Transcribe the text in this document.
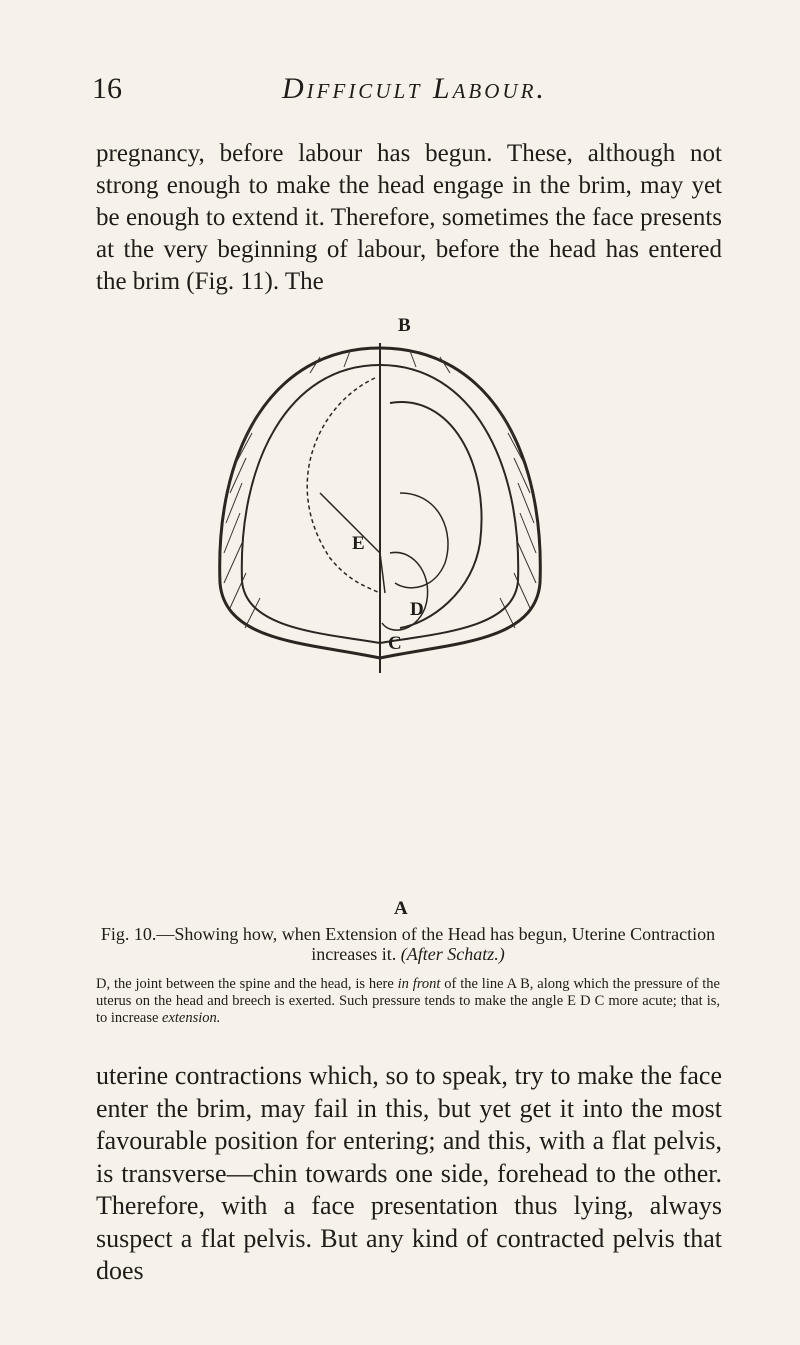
16	Difficult Labour.

pregnancy, before labour has begun. These, although not strong enough to make the head engage in the brim, may yet be enough to extend it. Therefore, sometimes the face presents at the very beginning of labour, before the head has entered the brim (Fig. 11). The

B
E
D
C
A
Fig. 10.—Showing how, when Extension of the Head has begun, Uterine Contraction increases it. (After Schatz.)
D, the joint between the spine and the head, is here in front of the line A B, along which the pressure of the uterus on the head and breech is exerted. Such pressure tends to make the angle E D C more acute; that is, to increase extension.

uterine contractions which, so to speak, try to make the face enter the brim, may fail in this, but yet get it into the most favourable position for entering; and this, with a flat pelvis, is transverse—chin towards one side, forehead to the other. Therefore, with a face presentation thus lying, always suspect a flat pelvis. But any kind of contracted pelvis that does
